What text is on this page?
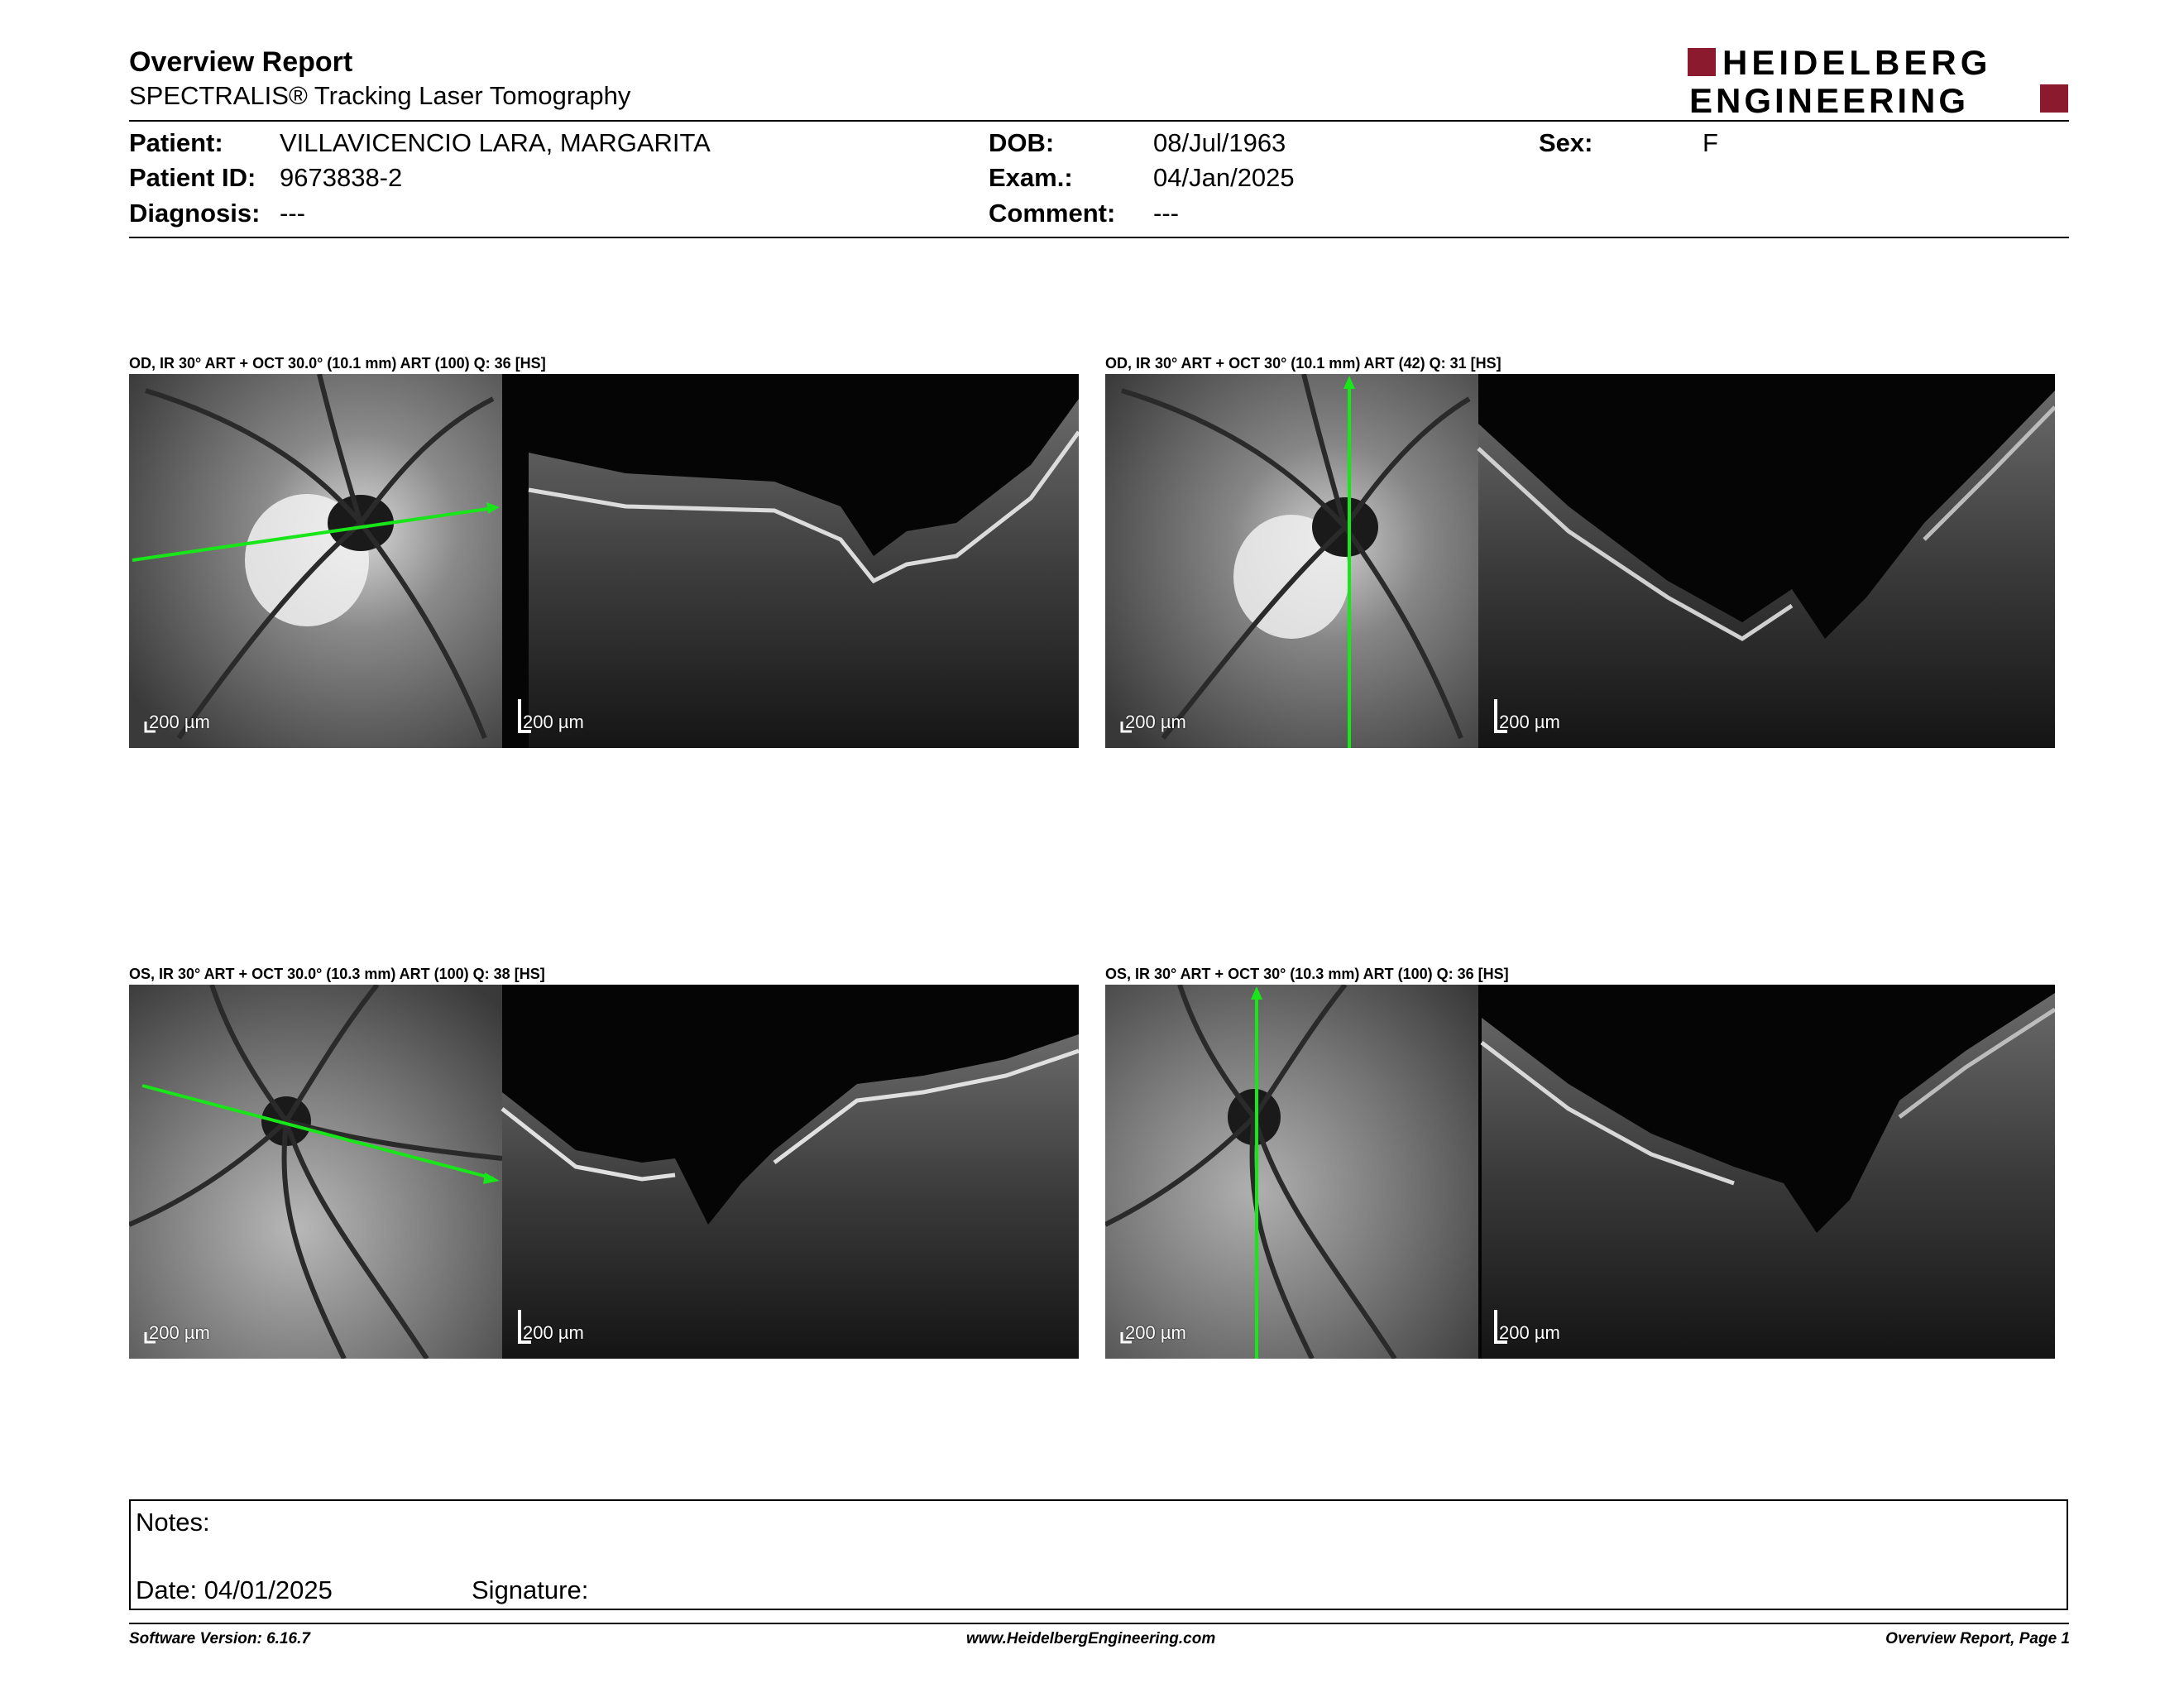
Overview Report
SPECTRALIS® Tracking Laser Tomography
HEIDELBERG
ENGINEERING
Patient: VILLAVICENCIO LARA, MARGARITA
Patient ID: 9673838-2
Diagnosis: ---
DOB:	08/Jul/1963
Exam.:	04/Jan/2025
Comment: ---
Sex:	F
OD, IR 30° ART + OCT 30.0° (10.1 mm) ART (100) Q: 36 [HS]	OD, IR 30° ART + OCT 30° (10.1 mm) ART (42) Q: 31 [HS]
OS, IR 30° ART + OCT 30.0° (10.3 mm) ART (100) Q: 38 [HS]	OS, IR 30° ART + OCT 30° (10.3 mm) ART (100) Q: 36 [HS]
200 µm	200 µm	200 µm	200 µm
200 µm	200 µm	200 µm	200 µm
Notes:
Date: 04/01/2025	Signature:
Software Version: 6.16.7	www.HeidelbergEngineering.com	Overview Report, Page 1
